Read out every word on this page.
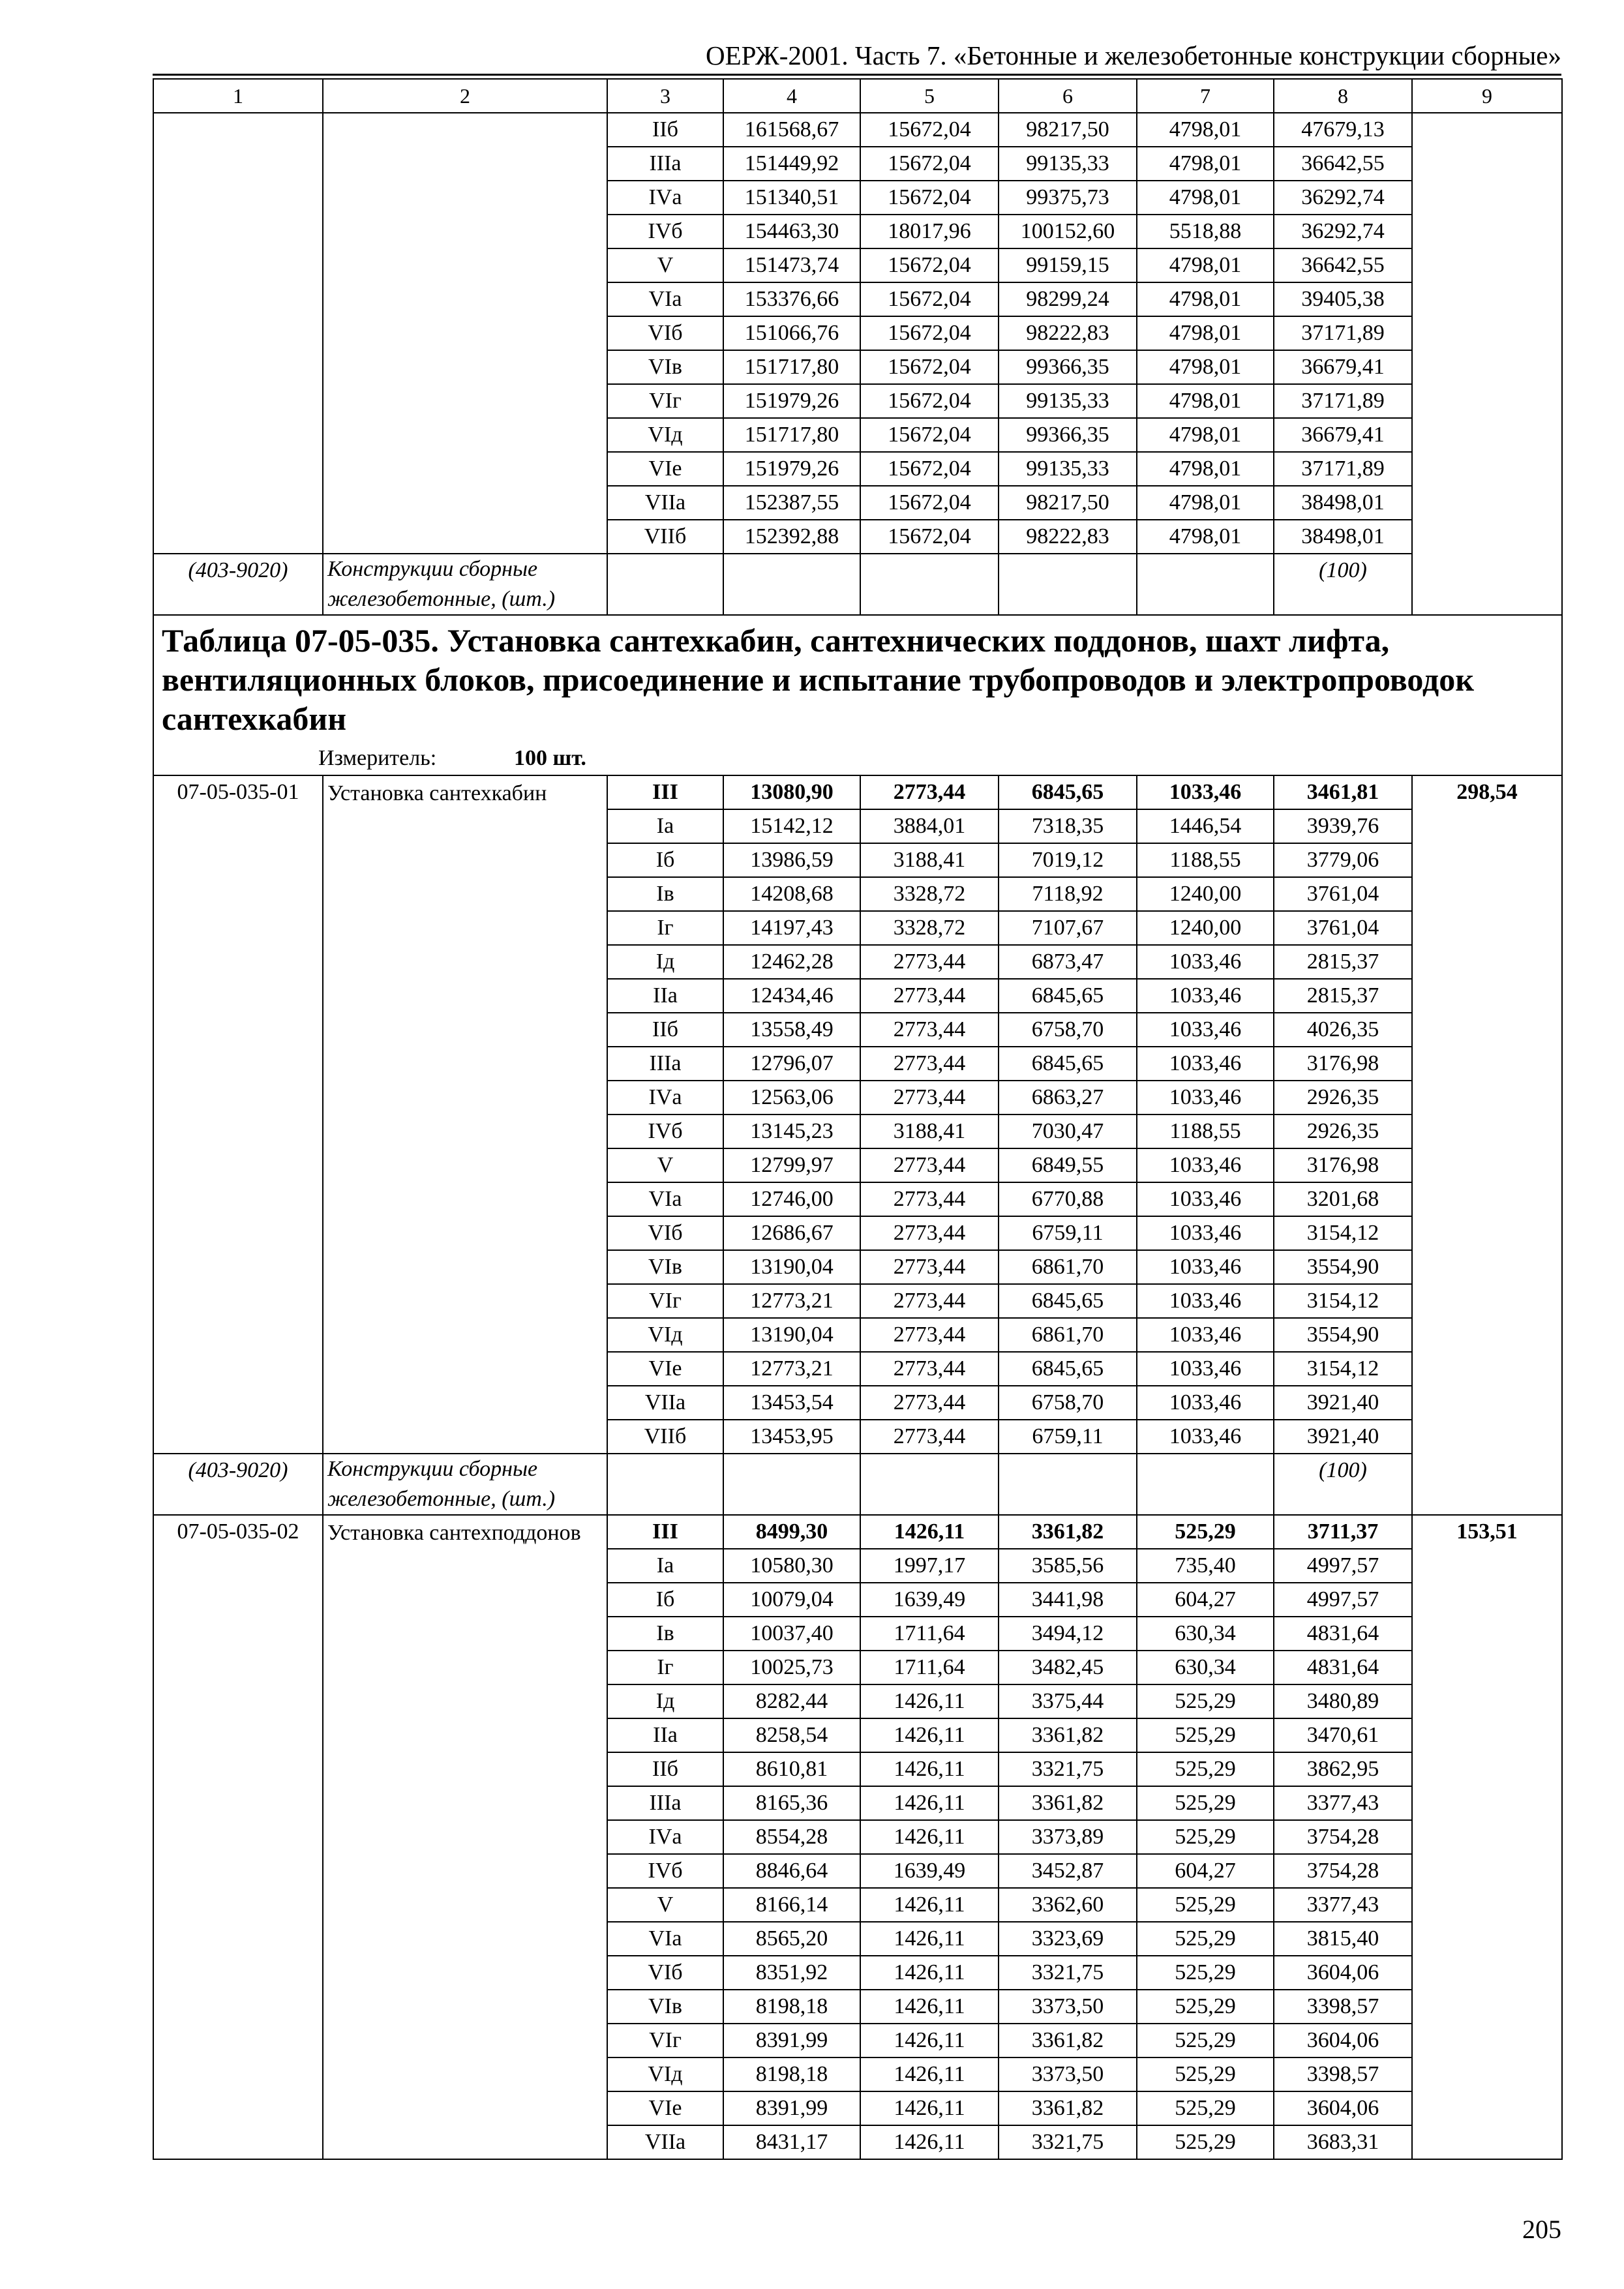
ОЕРЖ-2001. Часть 7. «Бетонные и железобетонные конструкции сборные»
1	2	3	4	5	6	7	8	9
		IIб	161568,67	15672,04	98217,50	4798,01	47679,13	
		IIIа	151449,92	15672,04	99135,33	4798,01	36642,55	
		IVа	151340,51	15672,04	99375,73	4798,01	36292,74	
		IVб	154463,30	18017,96	100152,60	5518,88	36292,74	
		V	151473,74	15672,04	99159,15	4798,01	36642,55	
		VIа	153376,66	15672,04	98299,24	4798,01	39405,38	
		VIб	151066,76	15672,04	98222,83	4798,01	37171,89	
		VIв	151717,80	15672,04	99366,35	4798,01	36679,41	
		VIг	151979,26	15672,04	99135,33	4798,01	37171,89	
		VIд	151717,80	15672,04	99366,35	4798,01	36679,41	
		VIе	151979,26	15672,04	99135,33	4798,01	37171,89	
		VIIа	152387,55	15672,04	98217,50	4798,01	38498,01	
		VIIб	152392,88	15672,04	98222,83	4798,01	38498,01	
(403-9020)	Конструкции сборные железобетонные, (шт.)						(100)	

Таблица 07-05-035. Установка сантехкабин, сантехнических поддонов, шахт лифта, вентиляционных блоков, присоединение и испытание трубопроводов и электропроводок сантехкабин
Измеритель: 100 шт.								

07-05-035-01	Установка сантехкабин	III	13080,90	2773,44	6845,65	1033,46	3461,81	298,54
		Iа	15142,12	3884,01	7318,35	1446,54	3939,76	
		Iб	13986,59	3188,41	7019,12	1188,55	3779,06	
		Iв	14208,68	3328,72	7118,92	1240,00	3761,04	
		Iг	14197,43	3328,72	7107,67	1240,00	3761,04	
		Iд	12462,28	2773,44	6873,47	1033,46	2815,37	
		IIа	12434,46	2773,44	6845,65	1033,46	2815,37	
		IIб	13558,49	2773,44	6758,70	1033,46	4026,35	
		IIIа	12796,07	2773,44	6845,65	1033,46	3176,98	
		IVа	12563,06	2773,44	6863,27	1033,46	2926,35	
		IVб	13145,23	3188,41	7030,47	1188,55	2926,35	
		V	12799,97	2773,44	6849,55	1033,46	3176,98	
		VIа	12746,00	2773,44	6770,88	1033,46	3201,68	
		VIб	12686,67	2773,44	6759,11	1033,46	3154,12	
		VIв	13190,04	2773,44	6861,70	1033,46	3554,90	
		VIг	12773,21	2773,44	6845,65	1033,46	3154,12	
		VIд	13190,04	2773,44	6861,70	1033,46	3554,90	
		VIе	12773,21	2773,44	6845,65	1033,46	3154,12	
		VIIа	13453,54	2773,44	6758,70	1033,46	3921,40	
		VIIб	13453,95	2773,44	6759,11	1033,46	3921,40	
(403-9020)	Конструкции сборные железобетонные, (шт.)						(100)	
07-05-035-02	Установка сантехподдонов	III	8499,30	1426,11	3361,82	525,29	3711,37	153,51
		Iа	10580,30	1997,17	3585,56	735,40	4997,57	
		Iб	10079,04	1639,49	3441,98	604,27	4997,57	
		Iв	10037,40	1711,64	3494,12	630,34	4831,64	
		Iг	10025,73	1711,64	3482,45	630,34	4831,64	
		Iд	8282,44	1426,11	3375,44	525,29	3480,89	
		IIа	8258,54	1426,11	3361,82	525,29	3470,61	
		IIб	8610,81	1426,11	3321,75	525,29	3862,95	
		IIIа	8165,36	1426,11	3361,82	525,29	3377,43	
		IVа	8554,28	1426,11	3373,89	525,29	3754,28	
		IVб	8846,64	1639,49	3452,87	604,27	3754,28	
		V	8166,14	1426,11	3362,60	525,29	3377,43	
		VIа	8565,20	1426,11	3323,69	525,29	3815,40	
		VIб	8351,92	1426,11	3321,75	525,29	3604,06	
		VIв	8198,18	1426,11	3373,50	525,29	3398,57	
		VIг	8391,99	1426,11	3361,82	525,29	3604,06	
		VIд	8198,18	1426,11	3373,50	525,29	3398,57	
		VIе	8391,99	1426,11	3361,82	525,29	3604,06	
		VIIа	8431,17	1426,11	3321,75	525,29	3683,31	
205
